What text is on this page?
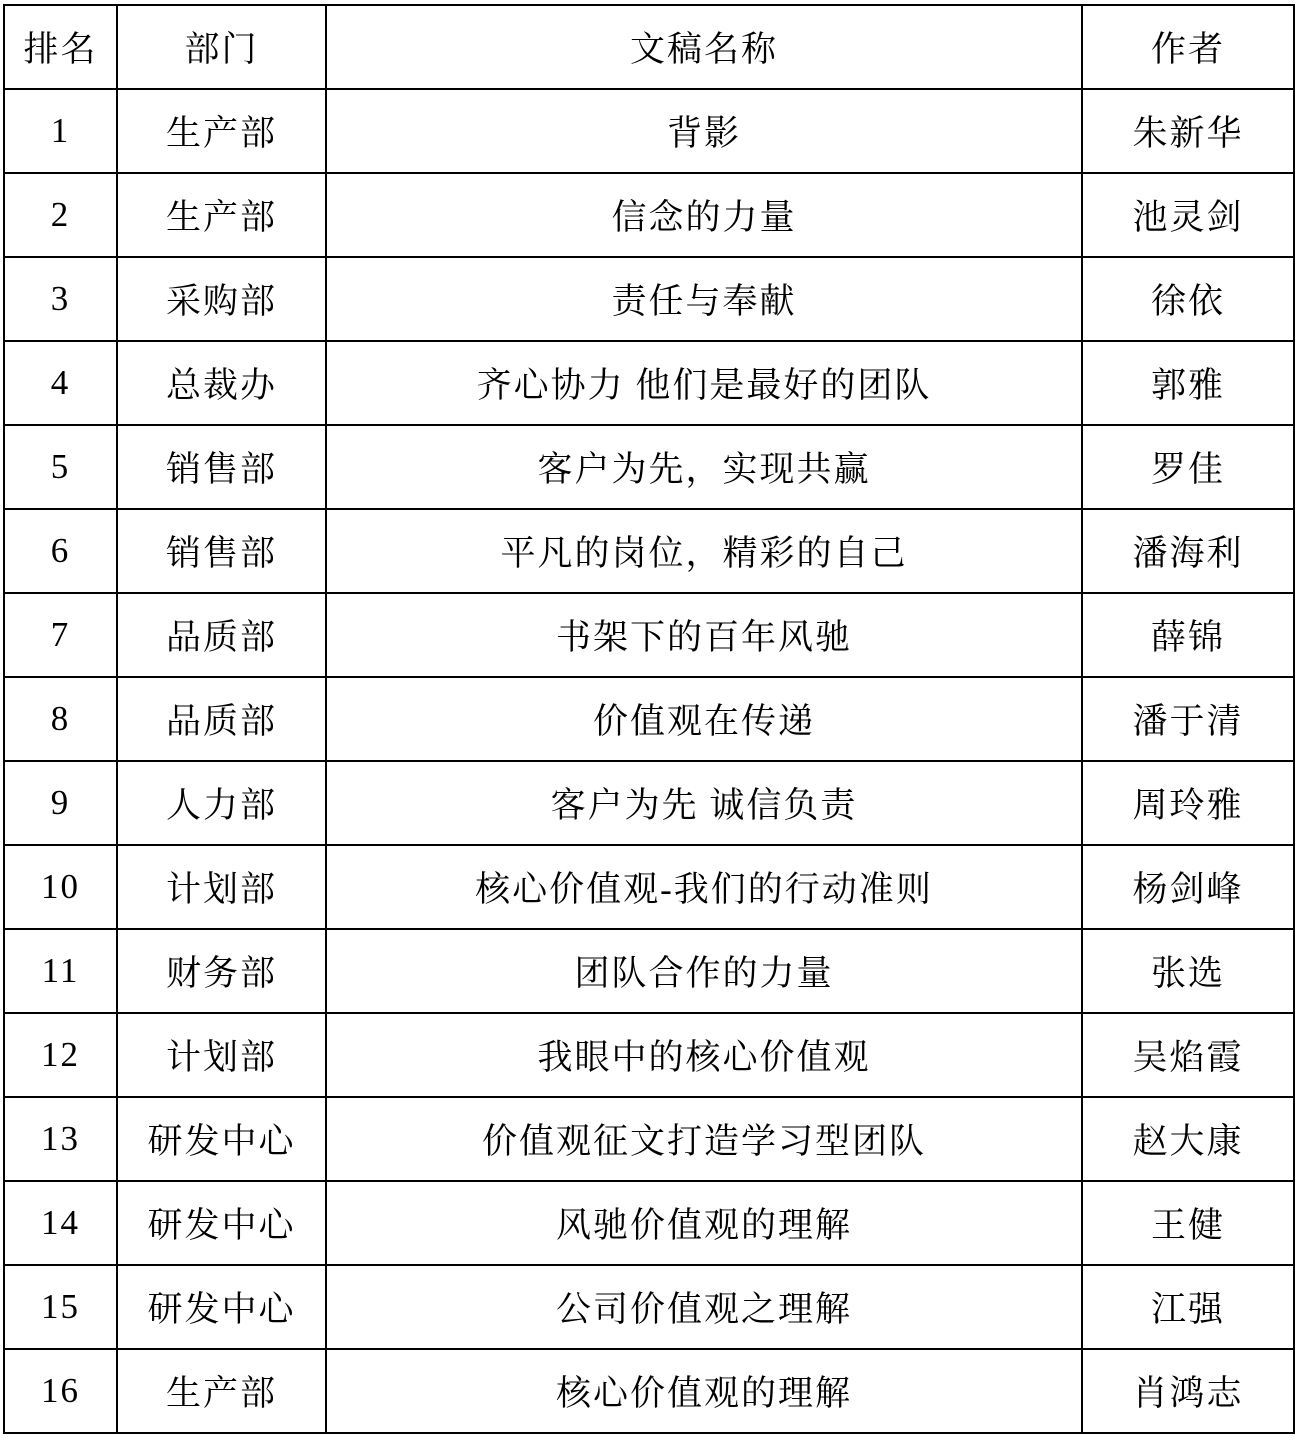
排名	部门	文稿名称	作者
1	生产部	背影	朱新华
2	生产部	信念的力量	池灵剑
3	采购部	责任与奉献	徐依
4	总裁办	齐心协力 他们是最好的团队	郭雅
5	销售部	客户为先，实现共赢	罗佳
6	销售部	平凡的岗位，精彩的自己	潘海利
7	品质部	书架下的百年风驰	薛锦
8	品质部	价值观在传递	潘于清
9	人力部	客户为先 诚信负责	周玲雅
10	计划部	核心价值观-我们的行动准则	杨剑峰
11	财务部	团队合作的力量	张选
12	计划部	我眼中的核心价值观	吴焰霞
13	研发中心	价值观征文打造学习型团队	赵大康
14	研发中心	风驰价值观的理解	王健
15	研发中心	公司价值观之理解	江强
16	生产部	核心价值观的理解	肖鸿志
